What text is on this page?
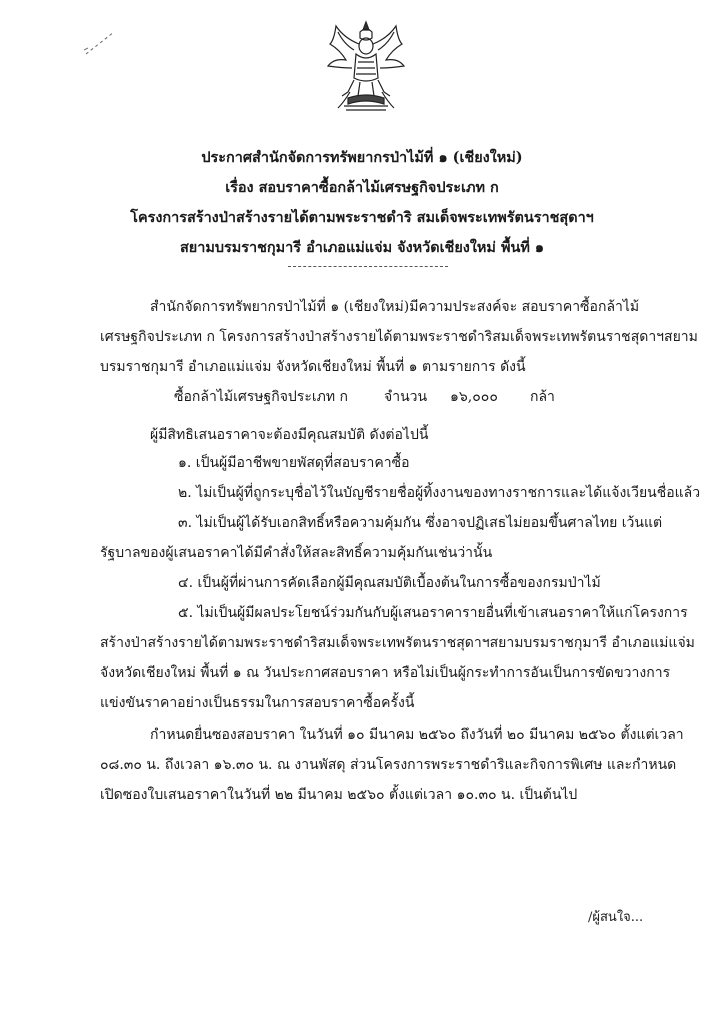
ประกาศสำนักจัดการทรัพยากรป่าไม้ที่ ๑ (เชียงใหม่)
เรื่อง สอบราคาซื้อกล้าไม้เศรษฐกิจประเภท ก
โครงการสร้างป่าสร้างรายได้ตามพระราชดำริ สมเด็จพระเทพรัตนราชสุดาฯ
สยามบรมราชกุมารี อำเภอแม่แจ่ม จังหวัดเชียงใหม่ พื้นที่ ๑
สำนักจัดการทรัพยากรป่าไม้ที่ ๑ (เชียงใหม่)มีความประสงค์จะ สอบราคาซื้อกล้าไม้
เศรษฐกิจประเภท ก โครงการสร้างป่าสร้างรายได้ตามพระราชดำริสมเด็จพระเทพรัตนราชสุดาฯสยาม
บรมราชกุมารี อำเภอแม่แจ่ม จังหวัดเชียงใหม่ พื้นที่ ๑ ตามรายการ ดังนี้
ซื้อกล้าไม้เศรษฐกิจประเภท ก	จำนวน ๑๖,๐๐๐ กล้า
ผู้มีสิทธิเสนอราคาจะต้องมีคุณสมบัติ ดังต่อไปนี้
๑. เป็นผู้มีอาชีพขายพัสดุที่สอบราคาซื้อ
๒. ไม่เป็นผู้ที่ถูกระบุชื่อไว้ในบัญชีรายชื่อผู้ทิ้งงานของทางราชการและได้แจ้งเวียนชื่อแล้ว
๓. ไม่เป็นผู้ได้รับเอกสิทธิ์หรือความคุ้มกัน ซึ่งอาจปฏิเสธไม่ยอมขึ้นศาลไทย เว้นแต่
รัฐบาลของผู้เสนอราคาได้มีคำสั่งให้สละสิทธิ์ความคุ้มกันเช่นว่านั้น
๔. เป็นผู้ที่ผ่านการคัดเลือกผู้มีคุณสมบัติเบื้องต้นในการซื้อของกรมป่าไม้
๕. ไม่เป็นผู้มีผลประโยชน์ร่วมกันกับผู้เสนอราคารายอื่นที่เข้าเสนอราคาให้แก่โครงการ
สร้างป่าสร้างรายได้ตามพระราชดำริสมเด็จพระเทพรัตนราชสุดาฯสยามบรมราชกุมารี อำเภอแม่แจ่ม
จังหวัดเชียงใหม่ พื้นที่ ๑ ณ วันประกาศสอบราคา หรือไม่เป็นผู้กระทำการอันเป็นการขัดขวางการ
แข่งขันราคาอย่างเป็นธรรมในการสอบราคาซื้อครั้งนี้
กำหนดยื่นซองสอบราคา ในวันที่ ๑๐ มีนาคม ๒๕๖๐ ถึงวันที่ ๒๐ มีนาคม ๒๕๖๐ ตั้งแต่เวลา
๐๘.๓๐ น. ถึงเวลา ๑๖.๓๐ น. ณ งานพัสดุ ส่วนโครงการพระราชดำริและกิจการพิเศษ และกำหนด
เปิดซองใบเสนอราคาในวันที่ ๒๒ มีนาคม ๒๕๖๐ ตั้งแต่เวลา ๑๐.๓๐ น. เป็นต้นไป
/ผู้สนใจ...
